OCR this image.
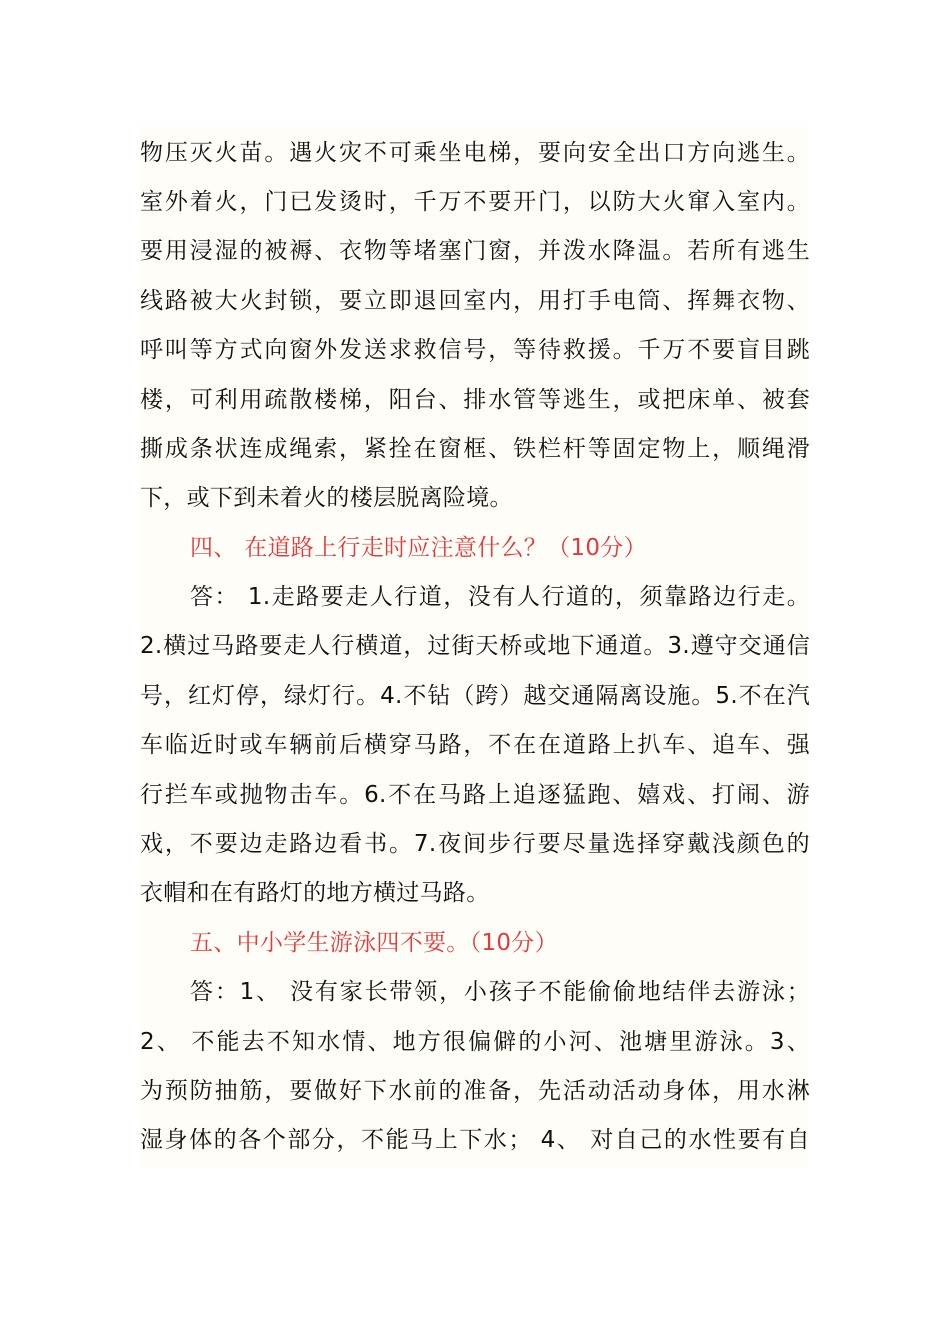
物压灭火苗。遇火灾不可乘坐电梯，要向安全出口方向逃生。
室外着火，门已发烫时，千万不要开门，以防大火窜入室内。
要用浸湿的被褥、衣物等堵塞门窗，并泼水降温。若所有逃生
线路被大火封锁，要立即退回室内，用打手电筒、挥舞衣物、
呼叫等方式向窗外发送求救信号，等待救援。千万不要盲目跳
楼，可利用疏散楼梯，阳台、排水管等逃生，或把床单、被套
撕成条状连成绳索，紧拴在窗框、铁栏杆等固定物上，顺绳滑
下，或下到未着火的楼层脱离险境。
四、 在道路上行走时应注意什么？（10分）
答： 1.走路要走人行道，没有人行道的，须靠路边行走。
2.横过马路要走人行横道，过街天桥或地下通道。3.遵守交通信
号，红灯停，绿灯行。4.不钻（跨）越交通隔离设施。5.不在汽
车临近时或车辆前后横穿马路，不在在道路上扒车、追车、强
行拦车或抛物击车。6.不在马路上追逐猛跑、嬉戏、打闹、游
戏，不要边走路边看书。7.夜间步行要尽量选择穿戴浅颜色的
衣帽和在有路灯的地方横过马路。
五、中小学生游泳四不要。（10分）
答：1、 没有家长带领，小孩子不能偷偷地结伴去游泳；
2、 不能去不知水情、地方很偏僻的小河、池塘里游泳。3、
为预防抽筋，要做好下水前的准备，先活动活动身体，用水淋
湿身体的各个部分，不能马上下水； 4、 对自己的水性要有自
